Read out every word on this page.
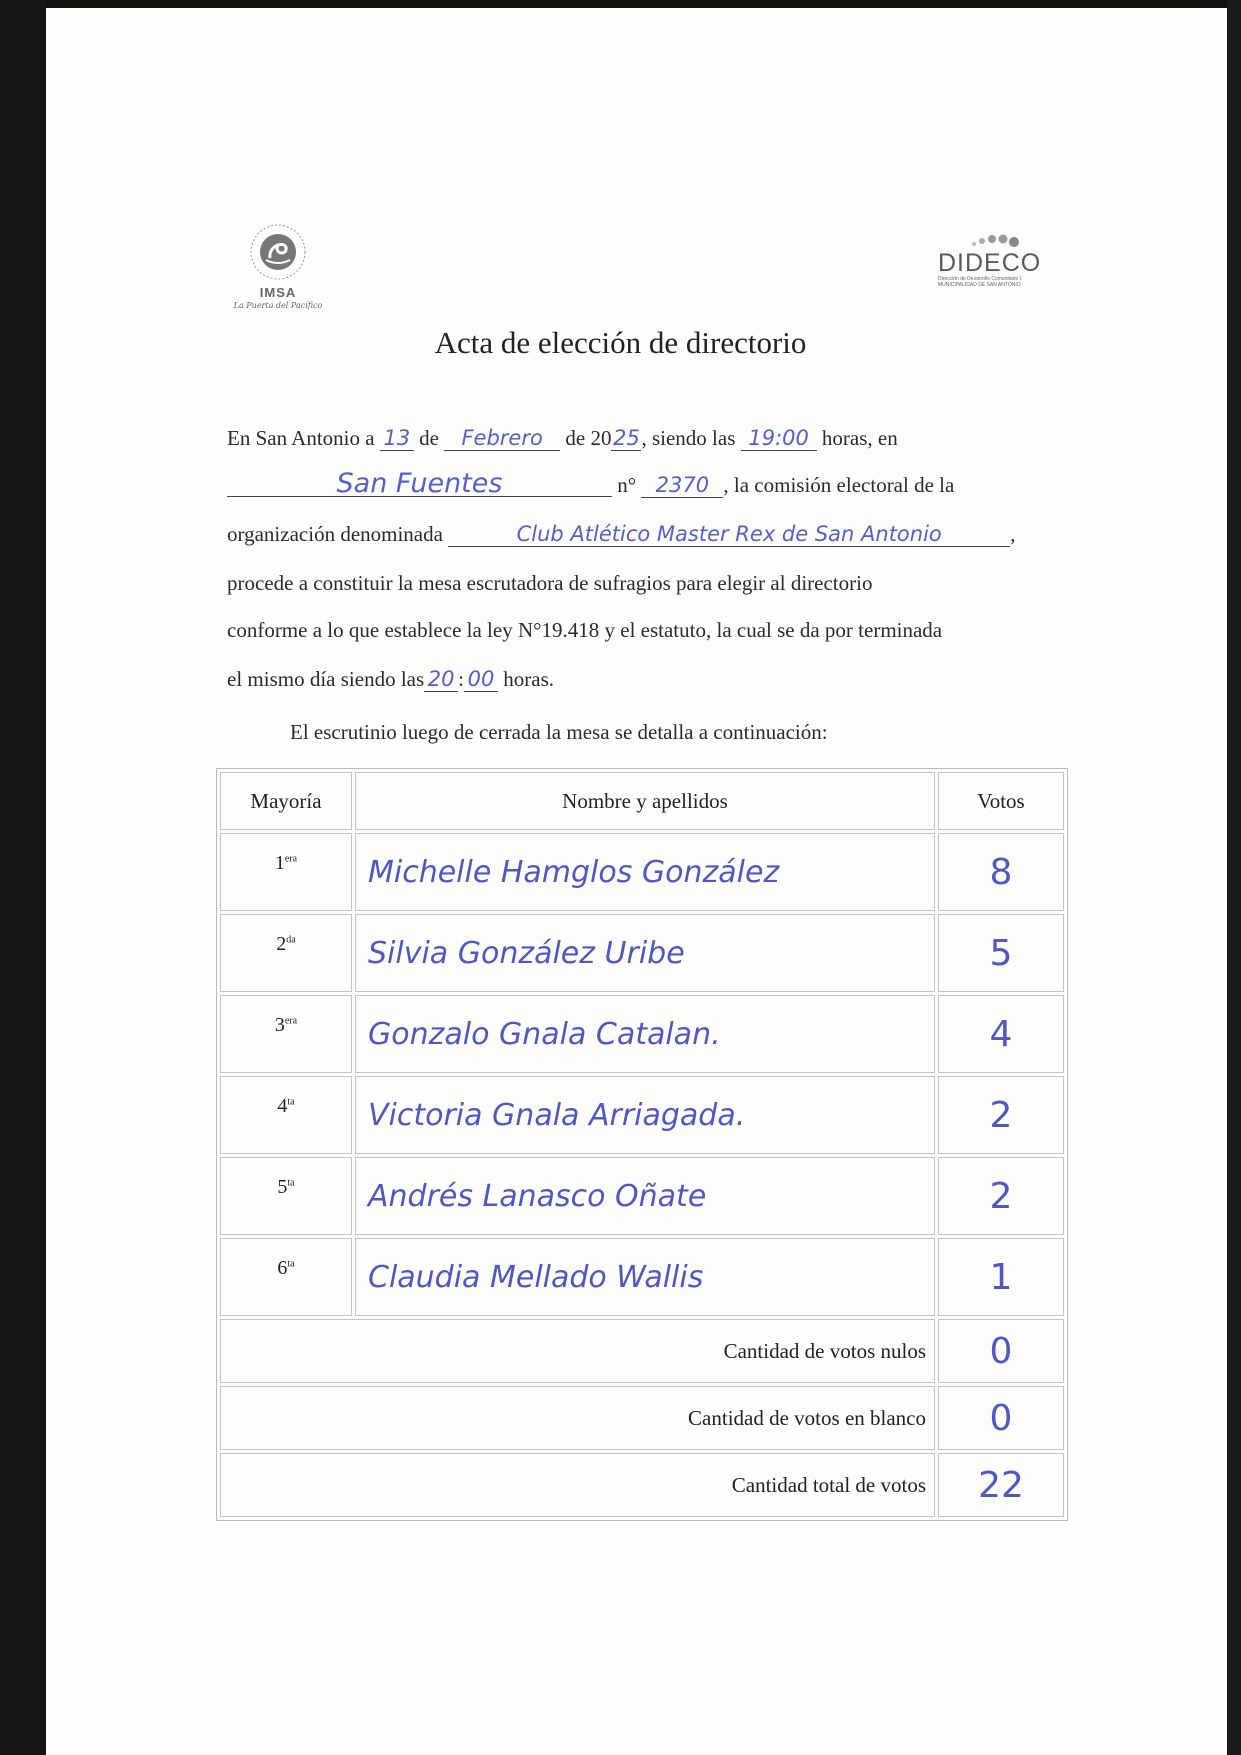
IMSA
La Puerta del Pacífico
DIDECO
Dirección de Desarrollo Comunitario I. MUNICIPALIDAD DE SAN ANTONIO
Acta de elección de directorio
En San Antonio a 13 de Febrero de 2025, siendo las 19:00 horas, en
San Fuentes	n° 2370 , la comisión electoral de la
organización denominada	Club Atlético Master Rex de San Antonio	,
procede a constituir la mesa escrutadora de sufragios para elegir al directorio
conforme a lo que establece la ley N°19.418 y el estatuto, la cual se da por terminada
el mismo día siendo las 20 : 00 horas.
El escrutinio luego de cerrada la mesa se detalla a continuación:
Mayoría	Nombre y apellidos	Votos
$1^{era}$	Michelle Hamglos González	8
$2^{da}$	Silvia González Uribe	5
$3^{era}$	Gonzalo Gnala Catalan.	4
$4^{ta}$	Victoria Gnala Arriagada.	2
$5^{ta}$	Andrés Lanasco Oñate	2
$6^{ta}$	Claudia Mellado Wallis	1
Cantidad de votos nulos		0
Cantidad de votos en blanco		0
Cantidad total de votos		22
